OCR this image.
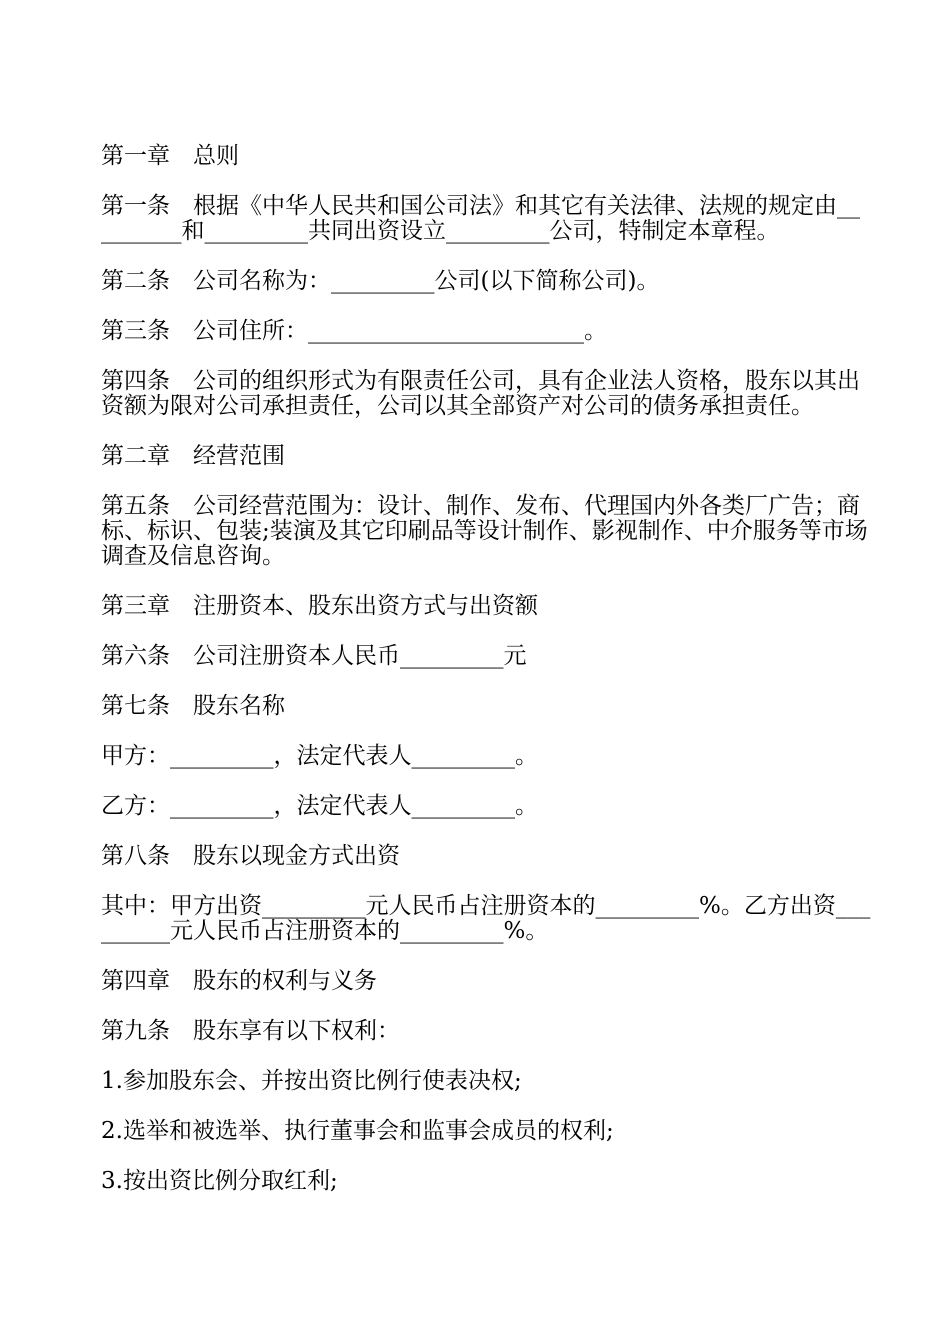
第一章　总则

第一条　根据《中华人民共和国公司法》和其它有关法律、法规的规定由_________和_________共同出资设立_________公司，特制定本章程。

第二条　公司名称为：_________公司(以下简称公司)。

第三条　公司住所：________________________。

第四条　公司的组织形式为有限责任公司，具有企业法人资格，股东以其出资额为限对公司承担责任，公司以其全部资产对公司的债务承担责任。

第二章　经营范围

第五条　公司经营范围为：设计、制作、发布、代理国内外各类厂广告；商标、标识、包装;装演及其它印刷品等设计制作、影视制作、中介服务等市场调查及信息咨询。

第三章　注册资本、股东出资方式与出资额

第六条　公司注册资本人民币_________元

第七条　股东名称

甲方：_________，法定代表人_________。

乙方：_________，法定代表人_________。

第八条　股东以现金方式出资

其中：甲方出资_________元人民币占注册资本的_________%。乙方出资_________元人民币占注册资本的_________%。

第四章　股东的权利与义务

第九条　股东享有以下权利：

1.参加股东会、并按出资比例行使表决权;

2.选举和被选举、执行董事会和监事会成员的权利;

3.按出资比例分取红利;
